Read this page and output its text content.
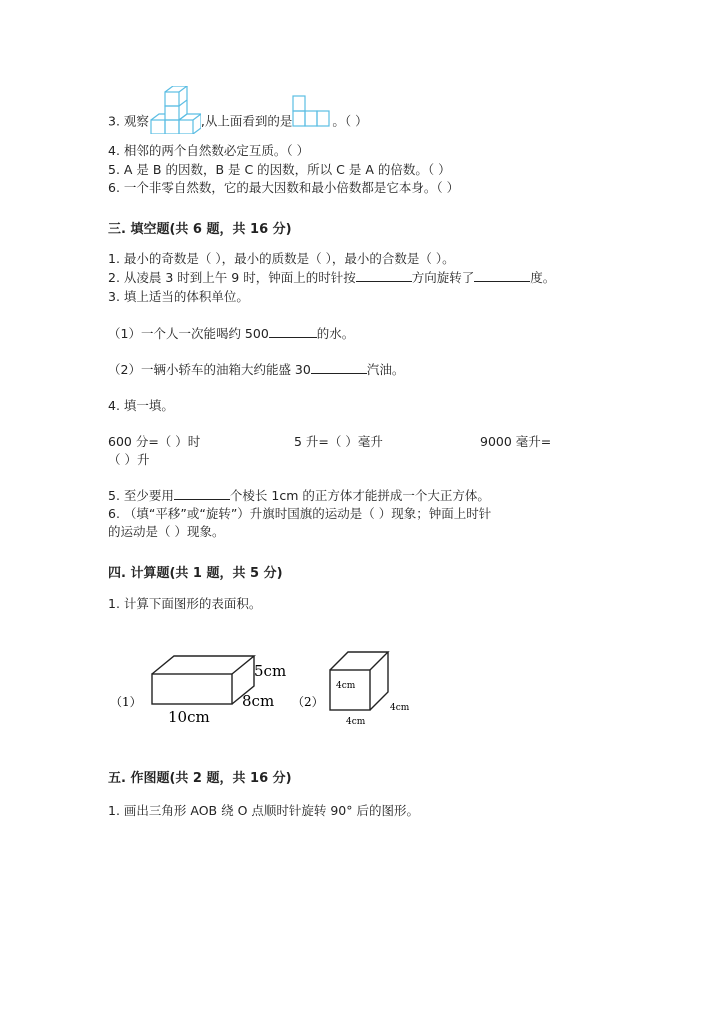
3. 观察	,从上面看到的是	。（ ）
4. 相邻的两个自然数必定互质。（ ）
5. A 是 B 的因数，B 是 C 的因数，所以 C 是 A 的倍数。（ ）
6. 一个非零自然数，它的最大因数和最小倍数都是它本身。（ ）
三. 填空题(共 6 题，共 16 分)
1. 最小的奇数是（ ），最小的质数是（ ），最小的合数是（ ）。
2. 从凌晨 3 时到上午 9 时，钟面上的时针按	方向旋转了	度。
3. 填上适当的体积单位。
（1）一个人一次能喝约 500	的水。
（2）一辆小轿车的油箱大约能盛 30	汽油。
4. 填一填。
600 分=（ ）时	5 升=（ ）毫升	9000 毫升=
（ ）升
5. 至少要用	个棱长 1cm 的正方体才能拼成一个大正方体。
6. （填“平移”或“旋转”）升旗时国旗的运动是（ ）现象；钟面上时针
的运动是（ ）现象。
四. 计算题(共 1 题，共 5 分)
1. 计算下面图形的表面积。
（1）
10cm
8cm
5cm
（2）
4cm
4cm
4cm
五. 作图题(共 2 题，共 16 分)
1. 画出三角形 AOB 绕 O 点顺时针旋转 90° 后的图形。
